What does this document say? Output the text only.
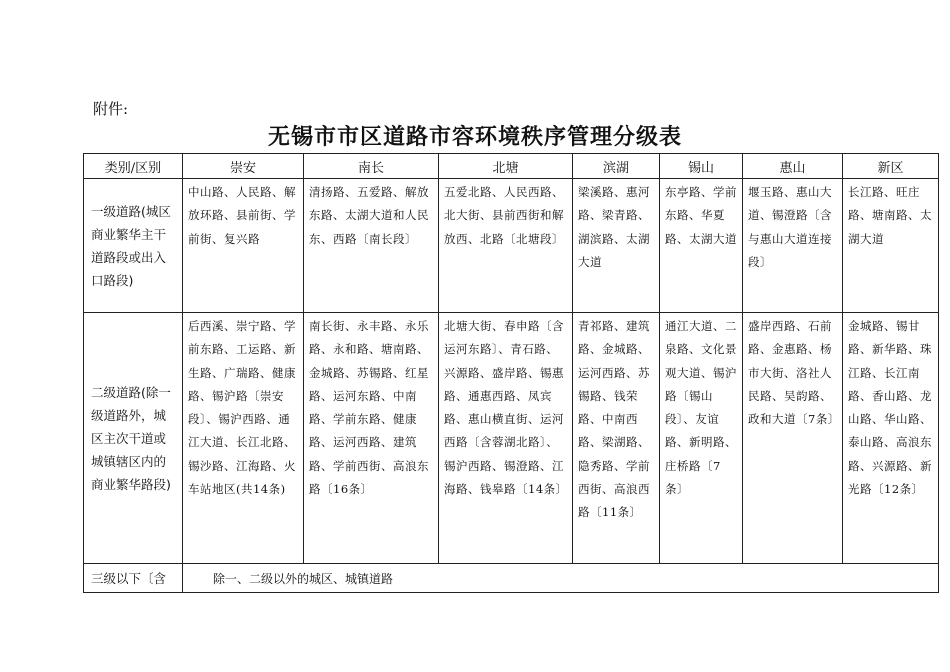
附件:
无锡市市区道路市容环境秩序管理分级表
类别/区别	崇安	南长	北塘	滨湖	锡山	惠山	新区
一级道路(城区商业繁华主干道路段或出入口路段)	中山路、人民路、解放环路、县前街、学前街、复兴路	清扬路、五爱路、解放东路、太湖大道和人民东、西路〔南长段〕	五爱北路、人民西路、北大街、县前西街和解放西、北路〔北塘段〕	梁溪路、惠河路、梁青路、湖滨路、太湖大道	东亭路、学前东路、华夏路、太湖大道	堰玉路、惠山大道、锡澄路〔含与惠山大道连接段〕	长江路、旺庄路、塘南路、太湖大道
二级道路(除一级道路外，城区主次干道或城镇辖区内的商业繁华路段)	后西溪、崇宁路、学前东路、工运路、新生路、广瑞路、健康路、锡沪路〔崇安段〕、锡沪西路、通江大道、长江北路、锡沙路、江海路、火车站地区(共14条)	南长街、永丰路、永乐路、永和路、塘南路、金城路、苏锡路、红星路、运河东路、中南路、学前东路、健康路、运河西路、建筑路、学前西街、高浪东路〔16条〕	北塘大街、春申路〔含运河东路〕、青石路、兴源路、盛岸路、锡惠路、通惠西路、凤宾路、惠山横直街、运河西路〔含蓉湖北路〕、锡沪西路、锡澄路、江海路、钱皋路〔14条〕	青祁路、建筑路、金城路、运河西路、苏锡路、钱荣路、中南西路、梁湖路、隐秀路、学前西街、高浪西路〔11条〕	通江大道、二泉路、文化景观大道、锡沪路〔锡山段〕、友谊路、新明路、庄桥路〔7条〕	盛岸西路、石前路、金惠路、杨市大街、洛社人民路、吴韵路、政和大道〔7条〕	金城路、锡甘路、新华路、珠江路、长江南路、香山路、龙山路、华山路、泰山路、高浪东路、兴源路、新光路〔12条〕
三级以下〔含	除一、二级以外的城区、城镇道路						
